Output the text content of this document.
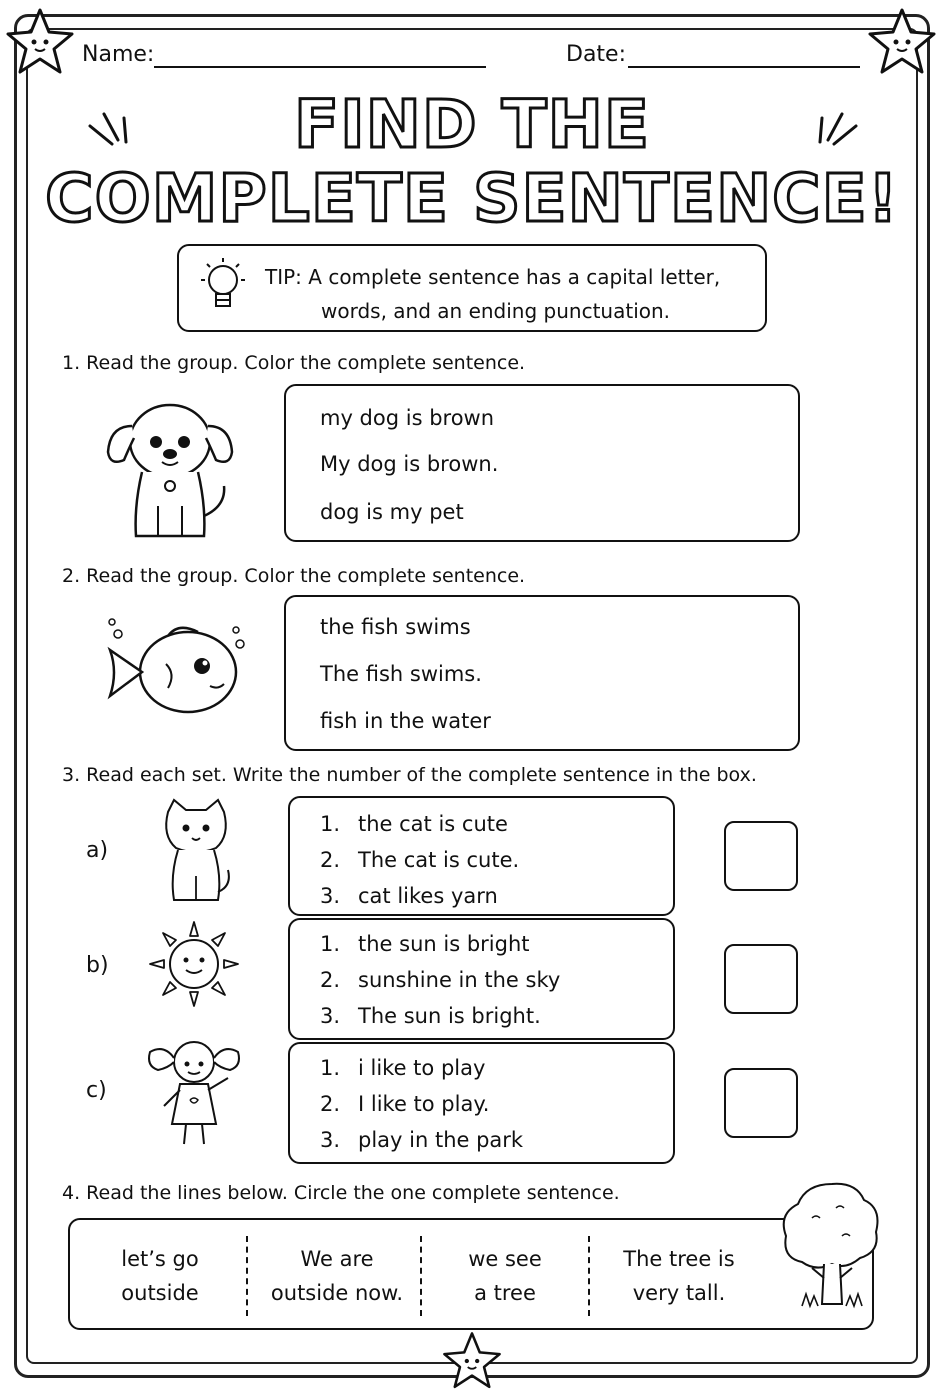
Name:	Date:
FIND THE
COMPLETE SENTENCE!
TIP: A complete sentence has a capital letter,
words, and an ending punctuation.
1. Read the group. Color the complete sentence.
my dog is brown
My dog is brown.
dog is my pet
2. Read the group. Color the complete sentence.
the fish swims
The fish swims.
fish in the water
3. Read each set. Write the number of the complete sentence in the box.
a)
1. the cat is cute
2. The cat is cute.
3. cat likes yarn
b)
1. the sun is bright
2. sunshine in the sky
3. The sun is bright.
c)
1. i like to play
2. I like to play.
3. play in the park
4. Read the lines below. Circle the one complete sentence.
let’s go
outside
We are
outside now.
we see
a tree
The tree is
very tall.
